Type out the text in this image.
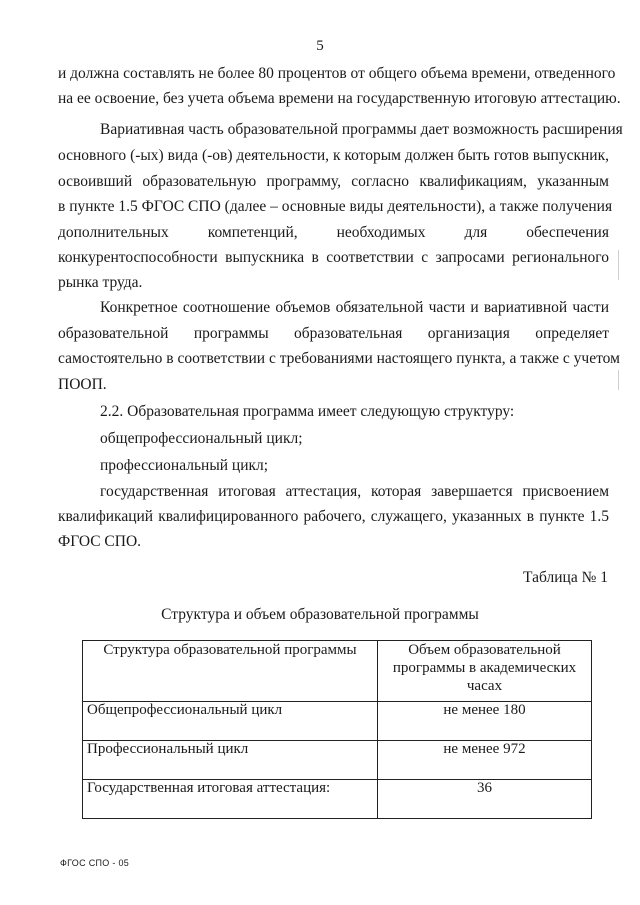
5
и должна составлять не более 80 процентов от общего объема времени, отведенного
на ее освоение, без учета объема времени на государственную итоговую аттестацию.
Вариативная часть образовательной программы дает возможность расширения
основного (-ых) вида (-ов) деятельности, к которым должен быть готов выпускник,
освоивший образовательную программу, согласно квалификациям, указанным
в пункте 1.5 ФГОС СПО (далее – основные виды деятельности), а также получения
дополнительных компетенций, необходимых для обеспечения
конкурентоспособности выпускника в соответствии с запросами регионального
рынка труда.
Конкретное соотношение объемов обязательной части и вариативной части
образовательной программы образовательная организация определяет
самостоятельно в соответствии с требованиями настоящего пункта, а также с учетом
ПООП.
2.2. Образовательная программа имеет следующую структуру:
общепрофессиональный цикл;
профессиональный цикл;
государственная итоговая аттестация, которая завершается присвоением
квалификаций квалифицированного рабочего, служащего, указанных в пункте 1.5
ФГОС СПО.
Таблица № 1
Структура и объем образовательной программы
Структура образовательной программы	Объем образовательной программы в академических часах
Общепрофессиональный цикл	не менее 180
Профессиональный цикл	не менее 972
Государственная итоговая аттестация:	36
ФГОС СПО - 05
